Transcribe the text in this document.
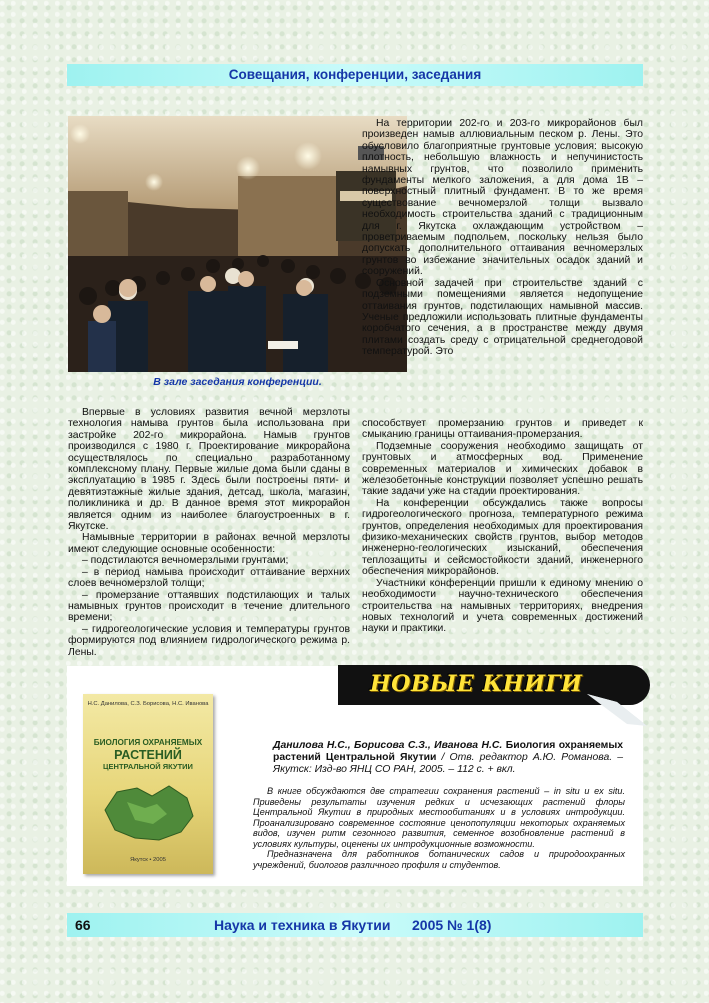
Совещания, конференции, заседания
В зале заседания конференции.

На территории 202-го и 203-го микрорайонов был произведен намыв аллювиальным песком р. Лены. Это обусловило благоприятные грунтовые условия: высокую плотность, небольшую влажность и непучинистость намывных грунтов, что позволило применить фундаменты мелкого заложения, а для дома 1В – поверхностный плитный фундамент. В то же время существование вечномерзлой толщи вызвало необходимость строительства зданий с традиционным для г. Якутска охлаждающим устройством – проветриваемым подпольем, поскольку нельзя было допускать дополнительного оттаивания вечномерзлых грунтов во избежание значительных осадок зданий и сооружений.

Основной задачей при строительстве зданий с подземными помещениями является недопущение оттаивания грунтов, подстилающих намывной массив. Ученые предложили использовать плитные фундаменты коробчатого сечения, а в пространстве между двумя плитами создать среду с отрицательной среднегодовой температурой. Это

Впервые в условиях развития вечной мерзлоты технология намыва грунтов была использована при застройке 202-го микрорайона. Намыв грунтов производился с 1980 г. Проектирование микрорайона осуществлялось по специально разработанному комплексному плану. Первые жилые дома были сданы в эксплуатацию в 1985 г. Здесь были построены пяти- и девятиэтажные жилые здания, детсад, школа, магазин, поликлиника и др. В данное время этот микрорайон является одним из наиболее благоустроенных в г. Якутске.

Намывные территории в районах вечной мерзлоты имеют следующие основные особенности:

– подстилаются вечномерзлыми грунтами;

– в период намыва происходит оттаивание верхних слоев вечномерзлой толщи;

– промерзание оттаявших подстилающих и талых намывных грунтов происходит в течение длительного времени;

– гидрогеологические условия и температуры грунтов формируются под влиянием гидрологического режима р. Лены.

способствует промерзанию грунтов и приведет к смыканию границы оттаивания-промерзания.

Подземные сооружения необходимо защищать от грунтовых и атмосферных вод. Применение современных материалов и химических добавок в железобетонные конструкции позволяет успешно решать такие задачи уже на стадии проектирования.

На конференции обсуждались также вопросы гидрогеологического прогноза, температурного режима грунтов, определения необходимых для проектирования физико-механических свойств грунтов, выбор методов инженерно-геологических изысканий, обеспечения теплозащиты и сейсмостойкости зданий, инженерного обеспечения микрорайонов.

Участники конференции пришли к единому мнению о необходимости научно-технического обеспечения строительства на намывных территориях, внедрения новых технологий и учета современных достижений науки и практики.

НОВЫЕ КНИГИ
Н.С. Данилова, С.З. Борисова, Н.С. Иванова
БИОЛОГИЯ ОХРАНЯЕМЫХ
РАСТЕНИЙ
ЦЕНТРАЛЬНОЙ ЯКУТИИ
Якутск • 2005
Данилова Н.С., Борисова С.З., Иванова Н.С. Биология охраняемых растений Центральной Якутии / Отв. редактор А.Ю. Романова. – Якутск: Изд-во ЯНЦ СО РАН, 2005. – 112 с. + вкл.

В книге обсуждаются две стратегии сохранения растений – in situ и ex situ. Приведены результаты изучения редких и исчезающих растений флоры Центральной Якутии в природных местообитаниях и в условиях интродукции. Проанализировано современное состояние ценопопуляции некоторых охраняемых видов, изучен ритм сезонного развития, семенное возобновление растений в условиях культуры, оценены их интродукционные возможности.

Предназначена для работников ботанических садов и природоохранных учреждений, биологов различного профиля и студентов.

66	Наука и техника в Якутии 2005 № 1(8)
